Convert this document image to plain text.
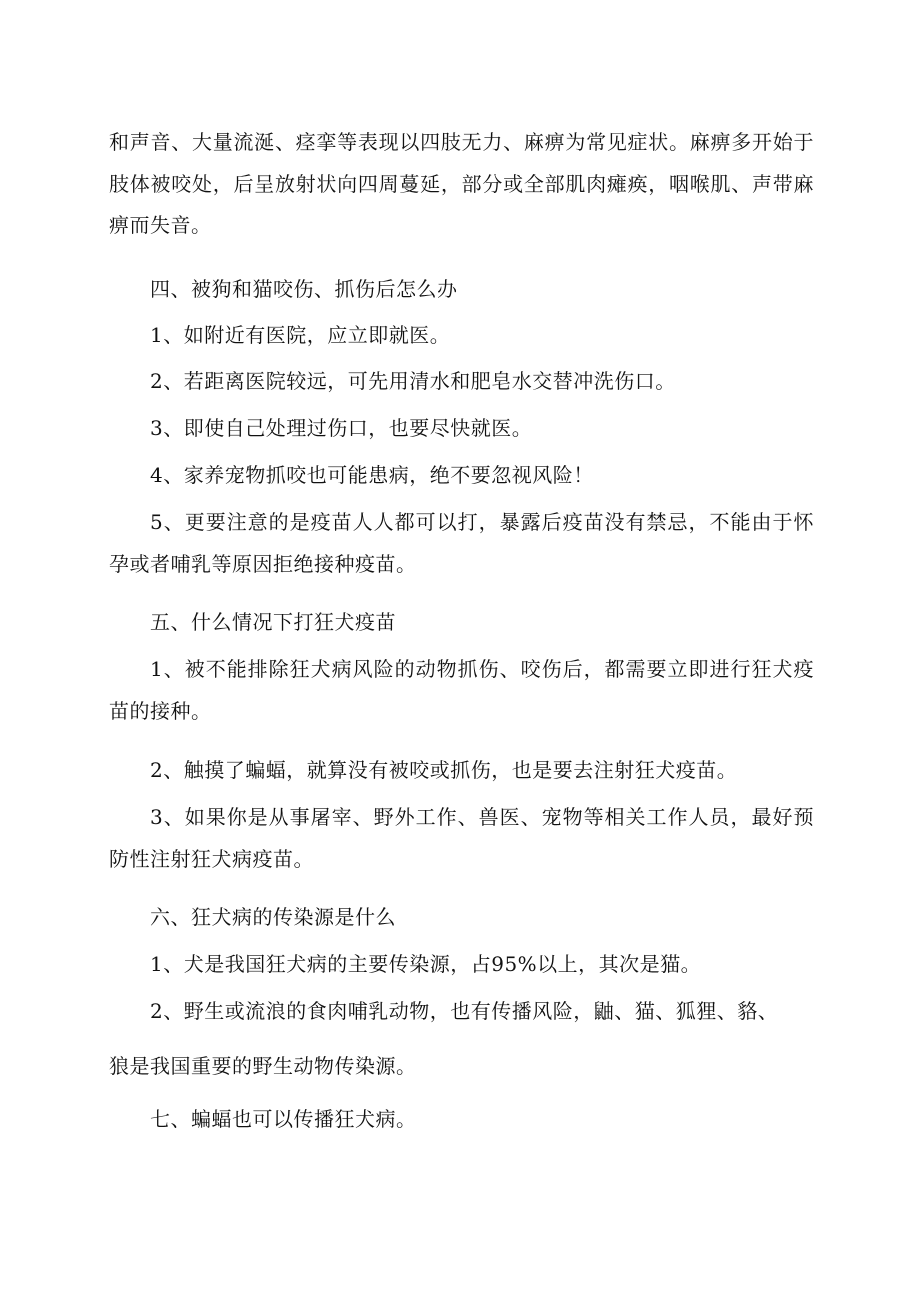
和声音、大量流涎、痉挛等表现以四肢无力、麻痹为常见症状。麻痹多开始于肢体被咬处，后呈放射状向四周蔓延，部分或全部肌肉瘫痪，咽喉肌、声带麻痹而失音。

四、被狗和猫咬伤、抓伤后怎么办

1、如附近有医院，应立即就医。

2、若距离医院较远，可先用清水和肥皂水交替冲洗伤口。

3、即使自己处理过伤口，也要尽快就医。

4、家养宠物抓咬也可能患病，绝不要忽视风险！

5、更要注意的是疫苗人人都可以打，暴露后疫苗没有禁忌，不能由于怀孕或者哺乳等原因拒绝接种疫苗。

五、什么情况下打狂犬疫苗

1、被不能排除狂犬病风险的动物抓伤、咬伤后，都需要立即进行狂犬疫苗的接种。

2、触摸了蝙蝠，就算没有被咬或抓伤，也是要去注射狂犬疫苗。

3、如果你是从事屠宰、野外工作、兽医、宠物等相关工作人员，最好预防性注射狂犬病疫苗。

六、狂犬病的传染源是什么

1、犬是我国狂犬病的主要传染源，占95%以上，其次是猫。

2、野生或流浪的食肉哺乳动物，也有传播风险，鼬、猫、狐狸、貉、

狼是我国重要的野生动物传染源。

七、蝙蝠也可以传播狂犬病。
